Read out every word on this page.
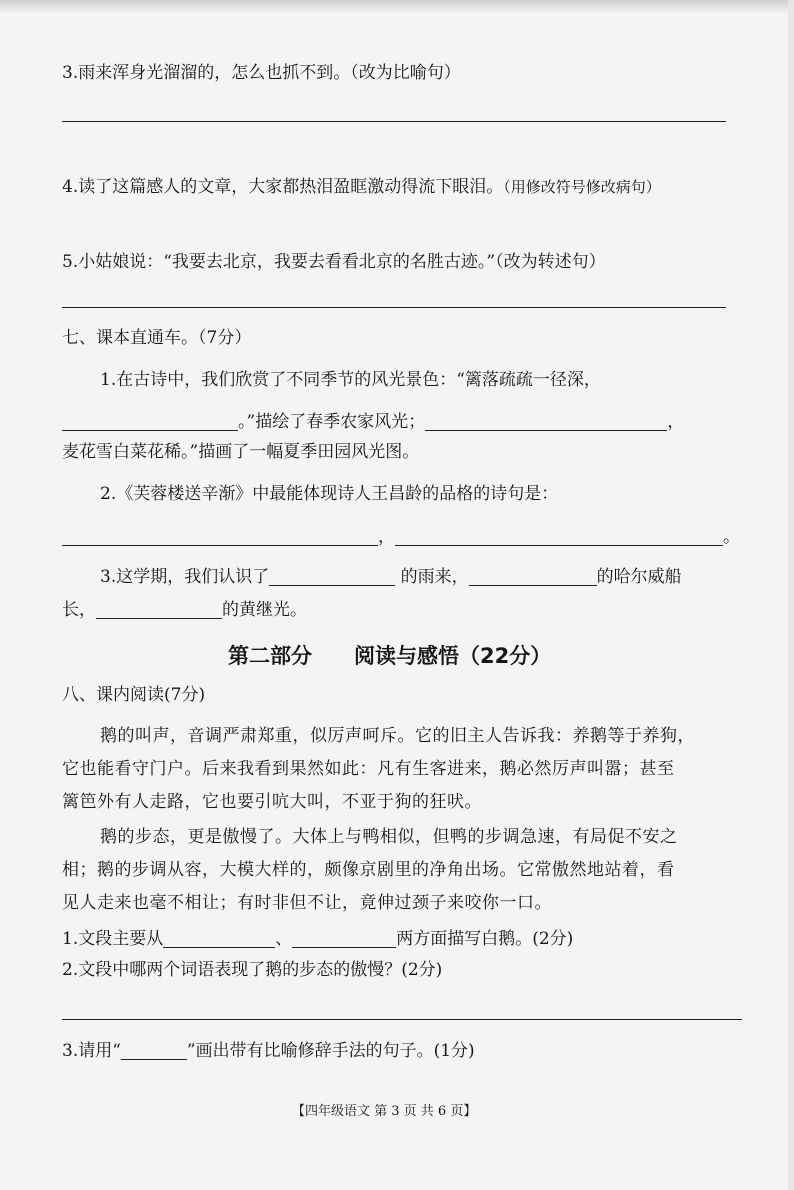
3.雨来浑身光溜溜的，怎么也抓不到。（改为比喻句）
4.读了这篇感人的文章，大家都热泪盈眶激动得流下眼泪。（用修改符号修改病句）
5.小姑娘说：“我要去北京，我要去看看北京的名胜古迹。”（改为转述句）
七、课本直通车。（7分）
1.在古诗中，我们欣赏了不同季节的风光景色：“篱落疏疏一径深，
。”描绘了春季农家风光；	，
麦花雪白菜花稀。”描画了一幅夏季田园风光图。
2.《芙蓉楼送辛渐》中最能体现诗人王昌龄的品格的诗句是：
，	。
3.这学期，我们认识了	的雨来，	的哈尔威船
长，	的黄继光。
第二部分　　阅读与感悟（22分）
八、课内阅读(7分)
鹅的叫声，音调严肃郑重，似厉声呵斥。它的旧主人告诉我：养鹅等于养狗，
它也能看守门户。后来我看到果然如此：凡有生客进来，鹅必然厉声叫嚣；甚至
篱笆外有人走路，它也要引吭大叫，不亚于狗的狂吠。
鹅的步态，更是傲慢了。大体上与鸭相似，但鸭的步调急速，有局促不安之
相；鹅的步调从容，大模大样的，颇像京剧里的净角出场。它常傲然地站着，看
见人走来也毫不相让；有时非但不让，竟伸过颈子来咬你一口。
1.文段主要从	、	两方面描写白鹅。(2分)
2.文段中哪两个词语表现了鹅的步态的傲慢？(2分)
3.请用“	”画出带有比喻修辞手法的句子。(1分)
【四年级语文 第 3 页 共 6 页】
